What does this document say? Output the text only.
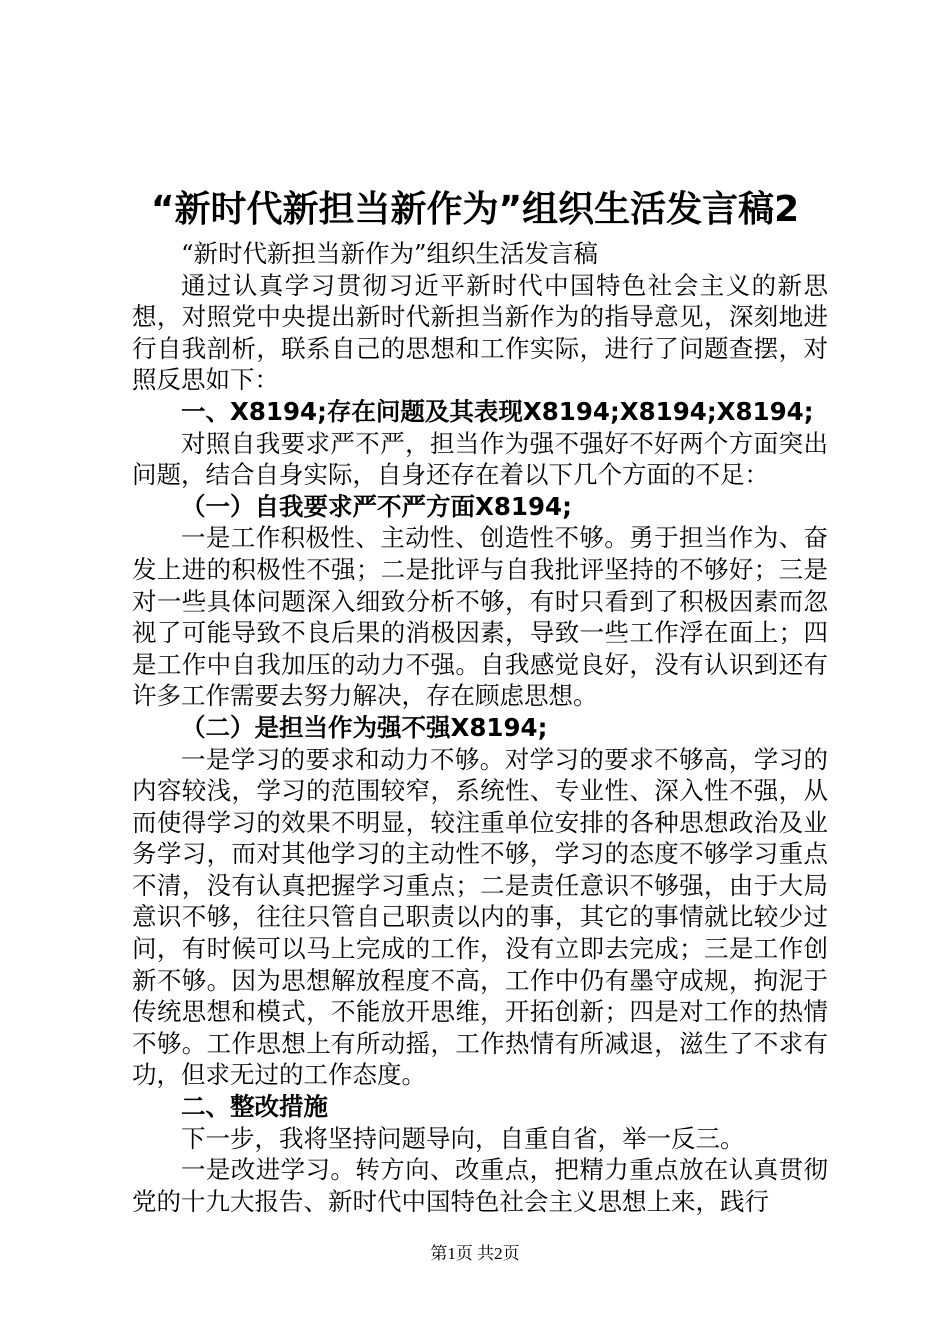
“新时代新担当新作为”组织生活发言稿2

“新时代新担当新作为”组织生活发言稿

通过认真学习贯彻习近平新时代中国特色社会主义的新思想，对照党中央提出新时代新担当新作为的指导意见，深刻地进行自我剖析，联系自己的思想和工作实际，进行了问题查摆，对照反思如下：

一、X8194;存在问题及其表现X8194;X8194;X8194;

对照自我要求严不严，担当作为强不强好不好两个方面突出问题，结合自身实际，自身还存在着以下几个方面的不足：

（一）自我要求严不严方面X8194;

一是工作积极性、主动性、创造性不够。勇于担当作为、奋发上进的积极性不强；二是批评与自我批评坚持的不够好；三是对一些具体问题深入细致分析不够，有时只看到了积极因素而忽视了可能导致不良后果的消极因素，导致一些工作浮在面上；四是工作中自我加压的动力不强。自我感觉良好，没有认识到还有许多工作需要去努力解决，存在顾虑思想。

（二）是担当作为强不强X8194;

一是学习的要求和动力不够。对学习的要求不够高，学习的内容较浅，学习的范围较窄，系统性、专业性、深入性不强，从而使得学习的效果不明显，较注重单位安排的各种思想政治及业务学习，而对其他学习的主动性不够，学习的态度不够学习重点不清，没有认真把握学习重点；二是责任意识不够强，由于大局意识不够，往往只管自己职责以内的事，其它的事情就比较少过问，有时候可以马上完成的工作，没有立即去完成；三是工作创新不够。因为思想解放程度不高，工作中仍有墨守成规，拘泥于传统思想和模式，不能放开思维，开拓创新；四是对工作的热情不够。工作思想上有所动摇，工作热情有所减退，滋生了不求有功，但求无过的工作态度。

二、整改措施

下一步，我将坚持问题导向，自重自省，举一反三。

一是改进学习。转方向、改重点，把精力重点放在认真贯彻党的十九大报告、新时代中国特色社会主义思想上来，践行

第1页 共2页
